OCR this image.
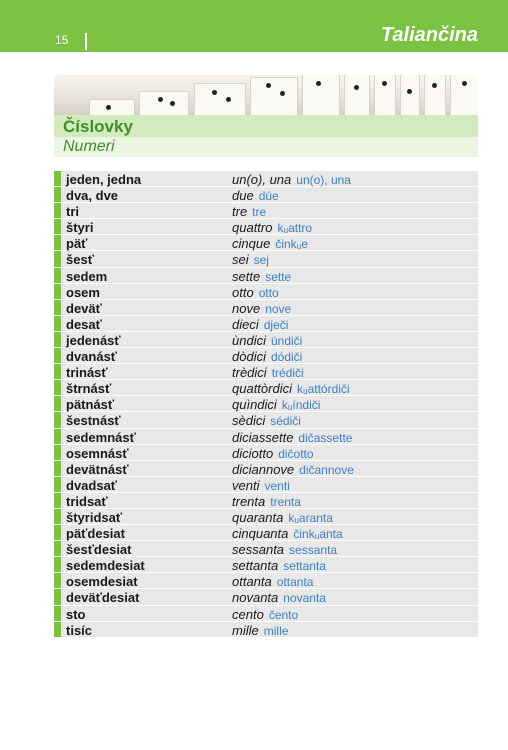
15	Taliančina
Číslovky
Numeri
jeden, jedna	un(o), una un(o), una
dva, dve	due dúe
tri	tre tre
štyri	quattro kᵤattro
päť	cinque činkᵤe
šesť	sei sej
sedem	sette sette
osem	otto otto
deväť	nove nove
desať	dieci dječi
jedenásť	ùndici úndiči
dvanásť	dòdici dódiči
trinásť	trèdici trédiči
štrnásť	quattòrdici kᵤattórdiči
pätnásť	quìndici kᵤíndiči
šestnásť	sèdici sédiči
sedemnásť	diciassette dičassette
osemnásť	diciotto dičotto
devätnásť	diciannove dičannove
dvadsať	venti venti
tridsať	trenta trenta
štyridsať	quaranta kᵤaranta
päťdesiat	cinquanta činkᵤanta
šesťdesiat	sessanta sessanta
sedemdesiat	settanta settanta
osemdesiat	ottanta ottanta
deväťdesiat	novanta novanta
sto	cento čento
tisíc	mille mille
